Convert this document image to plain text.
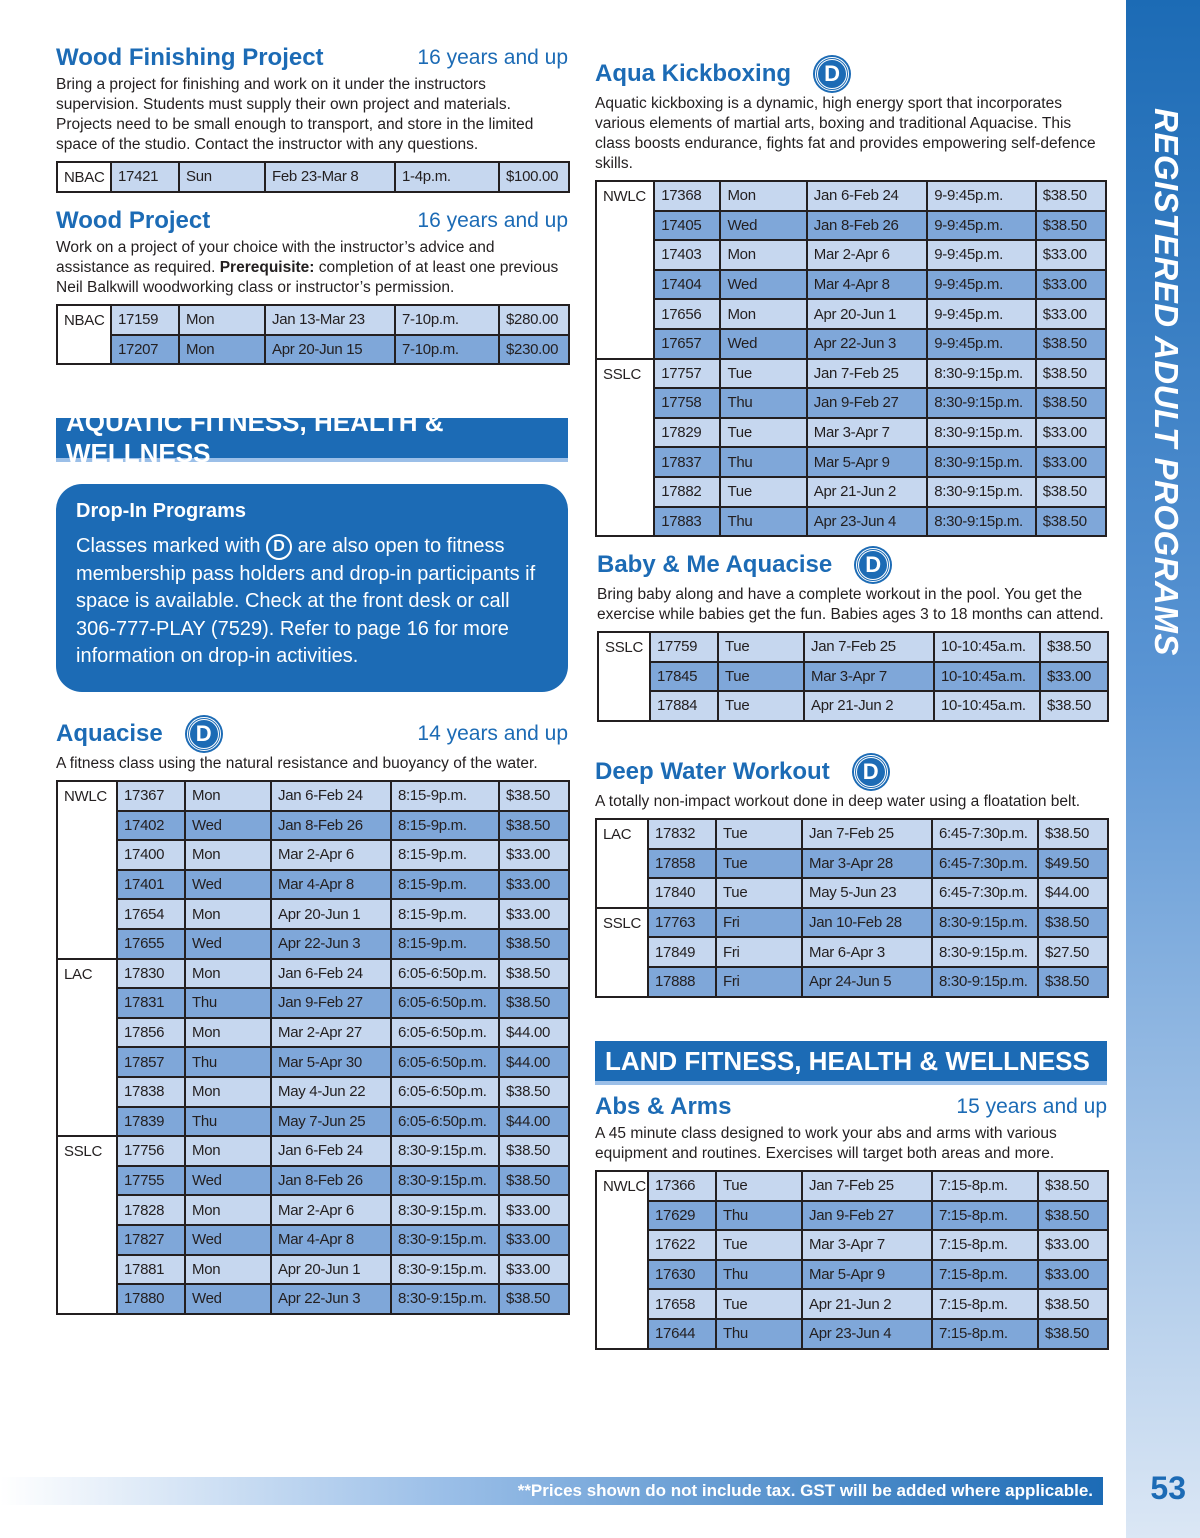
Wood Finishing Project	16 years and up
Bring a project for finishing and work on it under the instructors supervision. Students must supply their own project and materials. Projects need to be small enough to transport, and store in the limited space of the studio. Contact the instructor with any questions.
NBAC	17421	Sun	Feb 23-Mar 8	1-4p.m.	$100.00
Wood Project	16 years and up
Work on a project of your choice with the instructor’s advice and assistance as required. Prerequisite: completion of at least one previous Neil Balkwill woodworking class or instructor’s permission.
NBAC	17159	Mon	Jan 13-Mar 23	7-10p.m.	$280.00
	17207	Mon	Apr 20-Jun 15	7-10p.m.	$230.00
AQUATIC FITNESS, HEALTH & WELLNESS
Drop-In Programs
Classes marked with D are also open to fitness membership pass holders and drop-in participants if space is available. Check at the front desk or call 306-777-PLAY (7529). Refer to page 16 for more information on drop-in activities.
Aquacise	D	14 years and up
A fitness class using the natural resistance and buoyancy of the water.
NWLC	17367	Mon	Jan 6-Feb 24	8:15-9p.m.	$38.50
	17402	Wed	Jan 8-Feb 26	8:15-9p.m.	$38.50
	17400	Mon	Mar 2-Apr 6	8:15-9p.m.	$33.00
	17401	Wed	Mar 4-Apr 8	8:15-9p.m.	$33.00
	17654	Mon	Apr 20-Jun 1	8:15-9p.m.	$33.00
	17655	Wed	Apr 22-Jun 3	8:15-9p.m.	$38.50
LAC	17830	Mon	Jan 6-Feb 24	6:05-6:50p.m.	$38.50
	17831	Thu	Jan 9-Feb 27	6:05-6:50p.m.	$38.50
	17856	Mon	Mar 2-Apr 27	6:05-6:50p.m.	$44.00
	17857	Thu	Mar 5-Apr 30	6:05-6:50p.m.	$44.00
	17838	Mon	May 4-Jun 22	6:05-6:50p.m.	$38.50
	17839	Thu	May 7-Jun 25	6:05-6:50p.m.	$44.00
SSLC	17756	Mon	Jan 6-Feb 24	8:30-9:15p.m.	$38.50
	17755	Wed	Jan 8-Feb 26	8:30-9:15p.m.	$38.50
	17828	Mon	Mar 2-Apr 6	8:30-9:15p.m.	$33.00
	17827	Wed	Mar 4-Apr 8	8:30-9:15p.m.	$33.00
	17881	Mon	Apr 20-Jun 1	8:30-9:15p.m.	$33.00
	17880	Wed	Apr 22-Jun 3	8:30-9:15p.m.	$38.50
Aqua Kickboxing	D
Aquatic kickboxing is a dynamic, high energy sport that incorporates various elements of martial arts, boxing and traditional Aquacise. This class boosts endurance, fights fat and provides empowering self-defence skills.
NWLC	17368	Mon	Jan 6-Feb 24	9-9:45p.m.	$38.50
	17405	Wed	Jan 8-Feb 26	9-9:45p.m.	$38.50
	17403	Mon	Mar 2-Apr 6	9-9:45p.m.	$33.00
	17404	Wed	Mar 4-Apr 8	9-9:45p.m.	$33.00
	17656	Mon	Apr 20-Jun 1	9-9:45p.m.	$33.00
	17657	Wed	Apr 22-Jun 3	9-9:45p.m.	$38.50
SSLC	17757	Tue	Jan 7-Feb 25	8:30-9:15p.m.	$38.50
	17758	Thu	Jan 9-Feb 27	8:30-9:15p.m.	$38.50
	17829	Tue	Mar 3-Apr 7	8:30-9:15p.m.	$33.00
	17837	Thu	Mar 5-Apr 9	8:30-9:15p.m.	$33.00
	17882	Tue	Apr 21-Jun 2	8:30-9:15p.m.	$38.50
	17883	Thu	Apr 23-Jun 4	8:30-9:15p.m.	$38.50
Baby & Me Aquacise	D
Bring baby along and have a complete workout in the pool. You get the exercise while babies get the fun. Babies ages 3 to 18 months can attend.
SSLC	17759	Tue	Jan 7-Feb 25	10-10:45a.m.	$38.50
	17845	Tue	Mar 3-Apr 7	10-10:45a.m.	$33.00
	17884	Tue	Apr 21-Jun 2	10-10:45a.m.	$38.50
Deep Water Workout	D
A totally non-impact workout done in deep water using a floatation belt.
LAC	17832	Tue	Jan 7-Feb 25	6:45-7:30p.m.	$38.50
	17858	Tue	Mar 3-Apr 28	6:45-7:30p.m.	$49.50
	17840	Tue	May 5-Jun 23	6:45-7:30p.m.	$44.00
SSLC	17763	Fri	Jan 10-Feb 28	8:30-9:15p.m.	$38.50
	17849	Fri	Mar 6-Apr 3	8:30-9:15p.m.	$27.50
	17888	Fri	Apr 24-Jun 5	8:30-9:15p.m.	$38.50
LAND FITNESS, HEALTH & WELLNESS
Abs & Arms	15 years and up
A 45 minute class designed to work your abs and arms with various equipment and routines. Exercises will target both areas and more.
NWLC	17366	Tue	Jan 7-Feb 25	7:15-8p.m.	$38.50
	17629	Thu	Jan 9-Feb 27	7:15-8p.m.	$38.50
	17622	Tue	Mar 3-Apr 7	7:15-8p.m.	$33.00
	17630	Thu	Mar 5-Apr 9	7:15-8p.m.	$33.00
	17658	Tue	Apr 21-Jun 2	7:15-8p.m.	$38.50
	17644	Thu	Apr 23-Jun 4	7:15-8p.m.	$38.50
REGISTERED ADULT PROGRAMS
53
**Prices shown do not include tax. GST will be added where applicable.
